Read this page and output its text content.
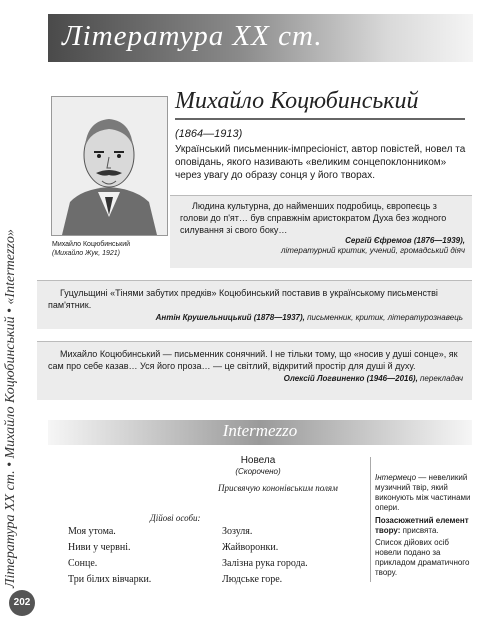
Література ХХ ст.
Література ХХ ст. • Михайло Коцюбинський • «Intermezzo»
202
Михайло Коцюбинський
(Михайло Жук, 1921)
Михайло Коцюбинський
(1864—1913)
Український письменник-імпресіоніст, автор повістей, новел та оповідань, якого називають «великим сонцепоклонником» через увагу до образу сонця у його творах.
Людина культурна, до найменших подробиць, європеєць з голови до п'ят… був справжнім аристократом Духа без жодного силування зі свого боку…
Сергій Єфремов (1876—1939),
літературний критик, учений, громадський діяч
Гуцульщині «Тінями забутих предків» Коцюбинський поставив в українському письменстві пам'ятник.
Антін Крушельницький (1878—1937), письменник, критик, літературознавець
Михайло Коцюбинський — письменник сонячний. І не тільки тому, що «носив у душі сонце», як сам про себе казав… Уся його проза… — це світлий, відкритий простір для душі й духу.
Олексій Логвиненко (1946—2016), перекладач
Intermezzo
Новела
(Скорочено)
Присвячую кононівським полям
Дійові особи:
Моя утома.
Ниви у червні.
Сонце.
Три білих вівчарки.
Зозуля.
Жайворонки.
Залізна рука города.
Людське горе.
Інтермецо — невеликий музичний твір, який виконують між частинами опери.
Позасюжетний елемент твору: присвята.
Список дійових осіб новели подано за прикладом драматичного твору.
